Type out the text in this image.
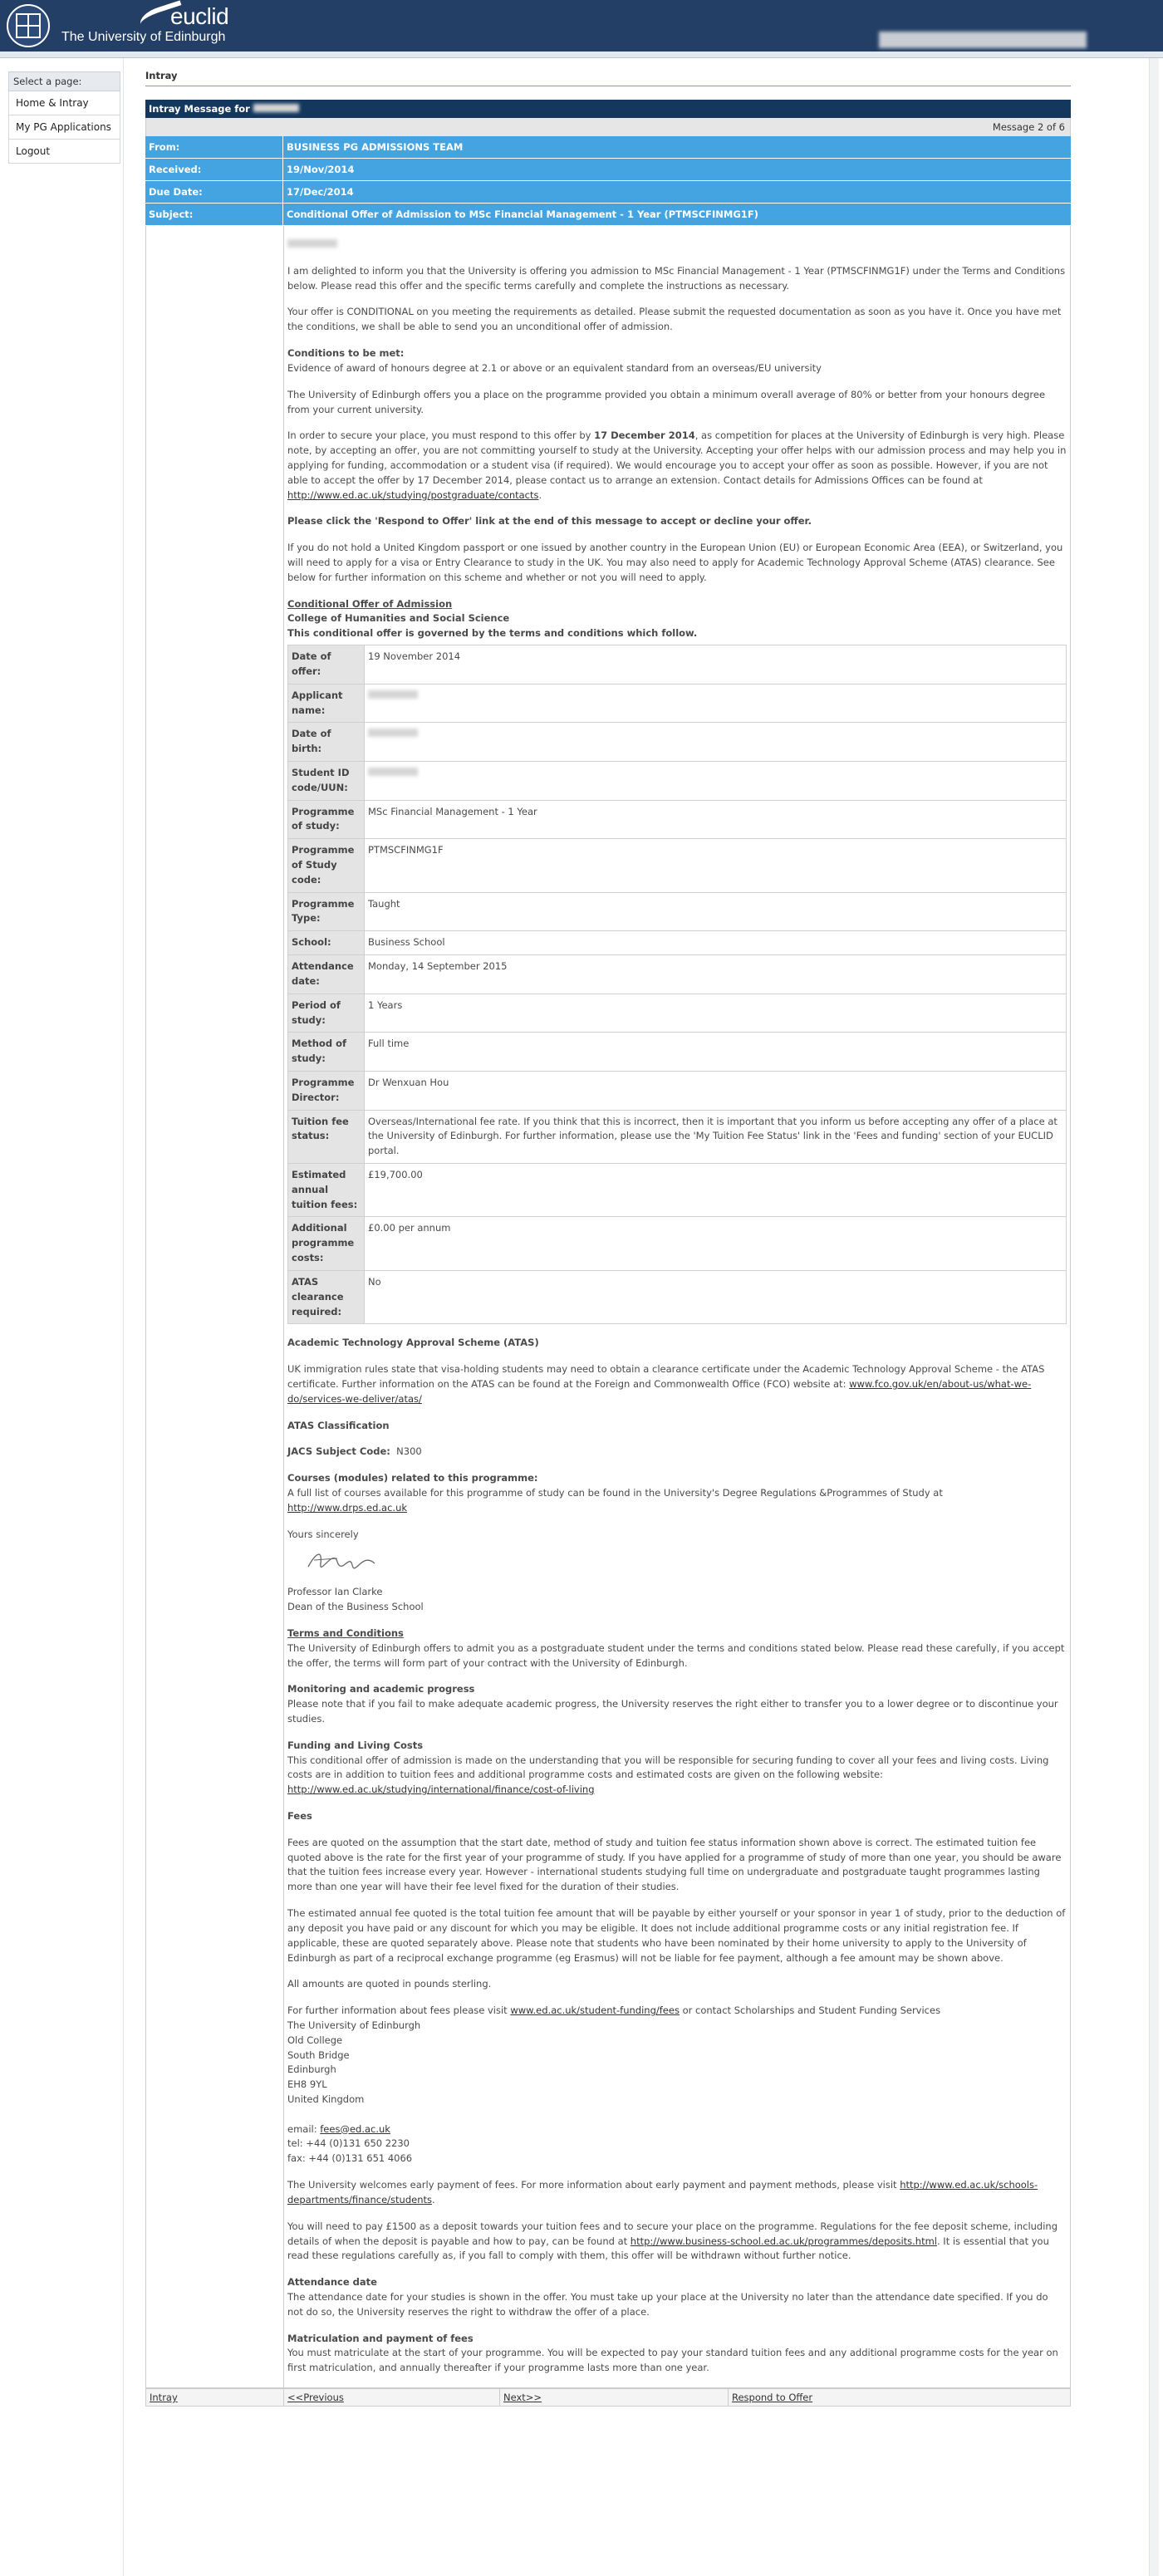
euclid
The University of Edinburgh
Select a page:
Home & Intray
My PG Applications
Logout
Intray
Intray Message for
Message 2 of 6
From:	BUSINESS PG ADMISSIONS TEAM
Received:	19/Nov/2014
Due Date:	17/Dec/2014
Subject:	Conditional Offer of Admission to MSc Financial Management - 1 Year (PTMSCFINMG1F)

I am delighted to inform you that the University is offering you admission to MSc Financial Management - 1 Year (PTMSCFINMG1F) under the Terms and Conditions below. Please read this offer and the specific terms carefully and complete the instructions as necessary.

Your offer is CONDITIONAL on you meeting the requirements as detailed. Please submit the requested documentation as soon as you have it. Once you have met the conditions, we shall be able to send you an unconditional offer of admission.

Conditions to be met:
Evidence of award of honours degree at 2.1 or above or an equivalent standard from an overseas/EU university

The University of Edinburgh offers you a place on the programme provided you obtain a minimum overall average of 80% or better from your honours degree from your current university.

In order to secure your place, you must respond to this offer by 17 December 2014, as competition for places at the University of Edinburgh is very high. Please note, by accepting an offer, you are not committing yourself to study at the University. Accepting your offer helps with our admission process and may help you in applying for funding, accommodation or a student visa (if required). We would encourage you to accept your offer as soon as possible. However, if you are not able to accept the offer by 17 December 2014, please contact us to arrange an extension. Contact details for Admissions Offices can be found at http://www.ed.ac.uk/studying/postgraduate/contacts.

Please click the 'Respond to Offer' link at the end of this message to accept or decline your offer.

If you do not hold a United Kingdom passport or one issued by another country in the European Union (EU) or European Economic Area (EEA), or Switzerland, you will need to apply for a visa or Entry Clearance to study in the UK. You may also need to apply for Academic Technology Approval Scheme (ATAS) clearance. See below for further information on this scheme and whether or not you will need to apply.

Conditional Offer of Admission
College of Humanities and Social Science
This conditional offer is governed by the terms and conditions which follow.
Date of offer:	19 November 2014
Applicant name:	
Date of birth:	
Student ID code/UUN:	
Programme of study:	MSc Financial Management - 1 Year
Programme of Study code:	PTMSCFINMG1F
Programme Type:	Taught
School:	Business School
Attendance date:	Monday, 14 September 2015
Period of study:	1 Years
Method of study:	Full time
Programme Director:	Dr Wenxuan Hou
Tuition fee status:	Overseas/International fee rate. If you think that this is incorrect, then it is important that you inform us before accepting any offer of a place at the University of Edinburgh. For further information, please use the 'My Tuition Fee Status' link in the 'Fees and funding' section of your EUCLID portal.
Estimated annual tuition fees:	£19,700.00
Additional programme costs:	£0.00 per annum
ATAS clearance required:	No

Academic Technology Approval Scheme (ATAS)

UK immigration rules state that visa-holding students may need to obtain a clearance certificate under the Academic Technology Approval Scheme - the ATAS certificate. Further information on the ATAS can be found at the Foreign and Commonwealth Office (FCO) website at: www.fco.gov.uk/en/about-us/what-we-do/services-we-deliver/atas/

ATAS Classification

JACS Subject Code: N300

Courses (modules) related to this programme:
A full list of courses available for this programme of study can be found in the University's Degree Regulations &Programmes of Study at
http://www.drps.ed.ac.uk

Yours sincerely

Professor Ian Clarke
Dean of the Business School

Terms and Conditions
The University of Edinburgh offers to admit you as a postgraduate student under the terms and conditions stated below. Please read these carefully, if you accept the offer, the terms will form part of your contract with the University of Edinburgh.

Monitoring and academic progress
Please note that if you fail to make adequate academic progress, the University reserves the right either to transfer you to a lower degree or to discontinue your studies.

Funding and Living Costs
This conditional offer of admission is made on the understanding that you will be responsible for securing funding to cover all your fees and living costs. Living costs are in addition to tuition fees and additional programme costs and estimated costs are given on the following website:
http://www.ed.ac.uk/studying/international/finance/cost-of-living

Fees

Fees are quoted on the assumption that the start date, method of study and tuition fee status information shown above is correct. The estimated tuition fee quoted above is the rate for the first year of your programme of study. If you have applied for a programme of study of more than one year, you should be aware that the tuition fees increase every year. However - international students studying full time on undergraduate and postgraduate taught programmes lasting more than one year will have their fee level fixed for the duration of their studies.

The estimated annual fee quoted is the total tuition fee amount that will be payable by either yourself or your sponsor in year 1 of study, prior to the deduction of any deposit you have paid or any discount for which you may be eligible. It does not include additional programme costs or any initial registration fee. If applicable, these are quoted separately above. Please note that students who have been nominated by their home university to apply to the University of Edinburgh as part of a reciprocal exchange programme (eg Erasmus) will not be liable for fee payment, although a fee amount may be shown above.

All amounts are quoted in pounds sterling.

For further information about fees please visit www.ed.ac.uk/student-funding/fees or contact Scholarships and Student Funding Services
The University of Edinburgh
Old College
South Bridge
Edinburgh
EH8 9YL
United Kingdom

email: fees@ed.ac.uk
tel: +44 (0)131 650 2230
fax: +44 (0)131 651 4066

The University welcomes early payment of fees. For more information about early payment and payment methods, please visit http://www.ed.ac.uk/schools-departments/finance/students.

You will need to pay £1500 as a deposit towards your tuition fees and to secure your place on the programme. Regulations for the fee deposit scheme, including details of when the deposit is payable and how to pay, can be found at http://www.business-school.ed.ac.uk/programmes/deposits.html. It is essential that you read these regulations carefully as, if you fall to comply with them, this offer will be withdrawn without further notice.

Attendance date
The attendance date for your studies is shown in the offer. You must take up your place at the University no later than the attendance date specified. If you do not do so, the University reserves the right to withdraw the offer of a place.

Matriculation and payment of fees
You must matriculate at the start of your programme. You will be expected to pay your standard tuition fees and any additional programme costs for the year on first matriculation, and annually thereafter if your programme lasts more than one year.

Intray	<<Previous	Next>>	Respond to Offer
